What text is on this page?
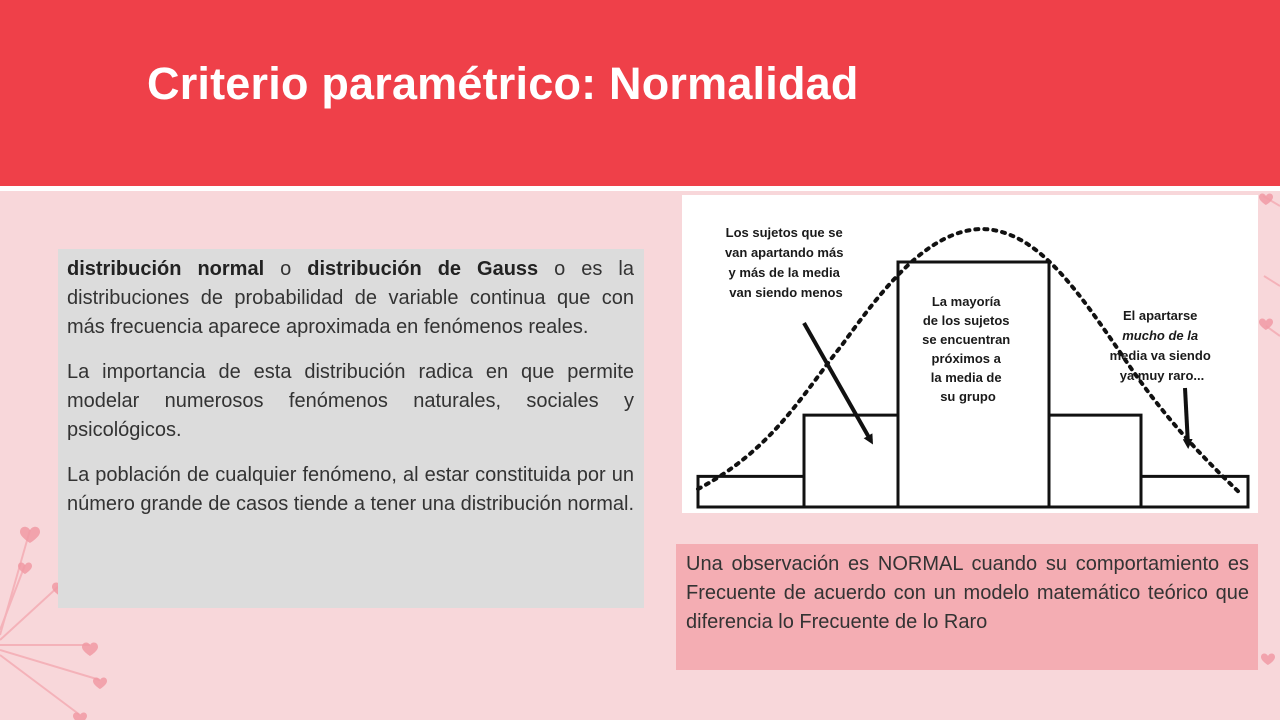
Criterio paramétrico: Normalidad

distribución normal o distribución de Gauss o es la distribuciones de probabilidad de variable continua que con más frecuencia aparece aproximada en fenómenos reales.

La importancia de esta distribución radica en que permite modelar numerosos fenómenos naturales, sociales y psicológicos.

La población de cualquier fenómeno, al estar constituida por un número grande de casos tiende a tener una distribución normal.

Los sujetos que se van apartando más y más de la media van siendo menos
La mayoría de los sujetos se encuentran próximos a la media de su grupo
El apartarse mucho de la media va siendo ya muy raro...
Una observación es NORMAL cuando su comportamiento es Frecuente de acuerdo con un modelo matemático teórico que diferencia lo Frecuente de lo Raro
